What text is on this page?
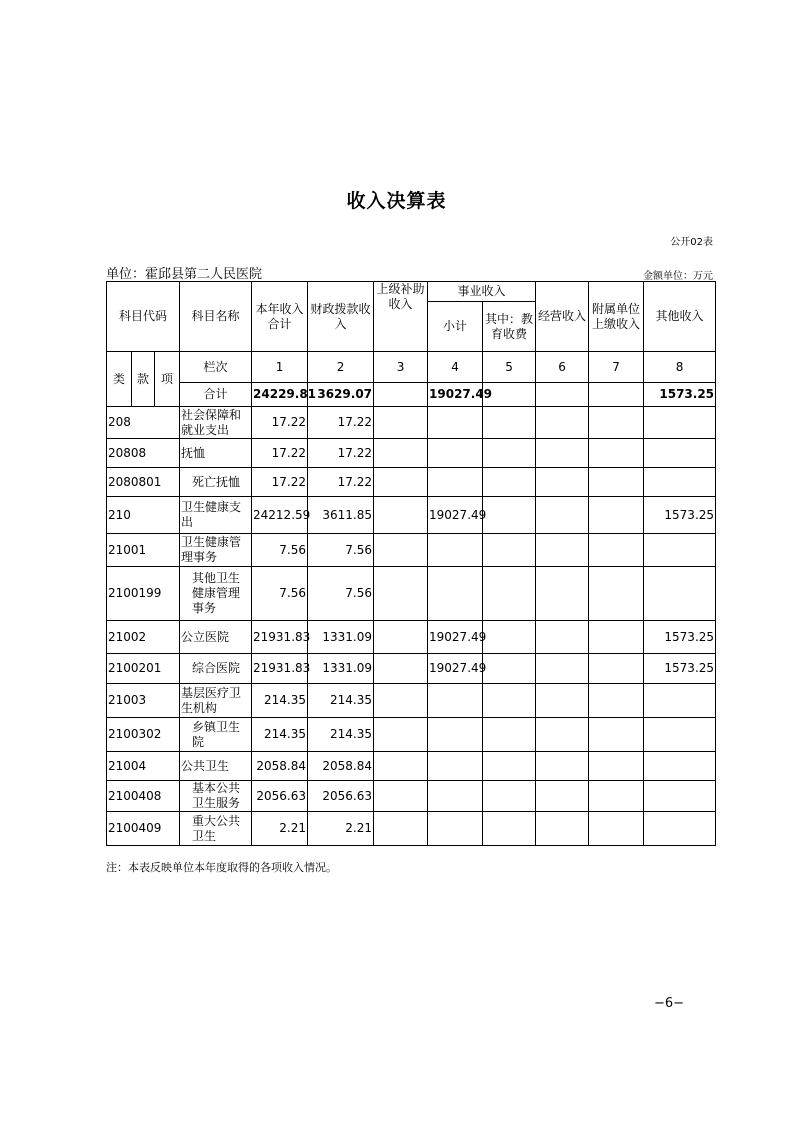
收入决算表
公开02表
单位：霍邱县第二人民医院	金额单位：万元
科目代码			科目名称	本年收入合计	财政拨款收入	上级补助收入	事业收入		经营收入	附属单位上缴收入	其他收入
							小计	其中：教育收费			
类	款	项	栏次	1	2	3	4	5	6	7	8
			合计	24229.81	3629.07		19027.49				1573.25
208			社会保障和就业支出	17.22	17.22						
20808			抚恤	17.22	17.22						
2080801			死亡抚恤	17.22	17.22						
210			卫生健康支出	24212.59	3611.85		19027.49				1573.25
21001			卫生健康管理事务	7.56	7.56						
2100199			其他卫生健康管理事务	7.56	7.56						
21002			公立医院	21931.83	1331.09		19027.49				1573.25
2100201			综合医院	21931.83	1331.09		19027.49				1573.25
21003			基层医疗卫生机构	214.35	214.35						
2100302			乡镇卫生院	214.35	214.35						
21004			公共卫生	2058.84	2058.84						
2100408			基本公共卫生服务	2056.63	2056.63						
2100409			重大公共卫生	2.21	2.21						
注：本表反映单位本年度取得的各项收入情况。
−6−
